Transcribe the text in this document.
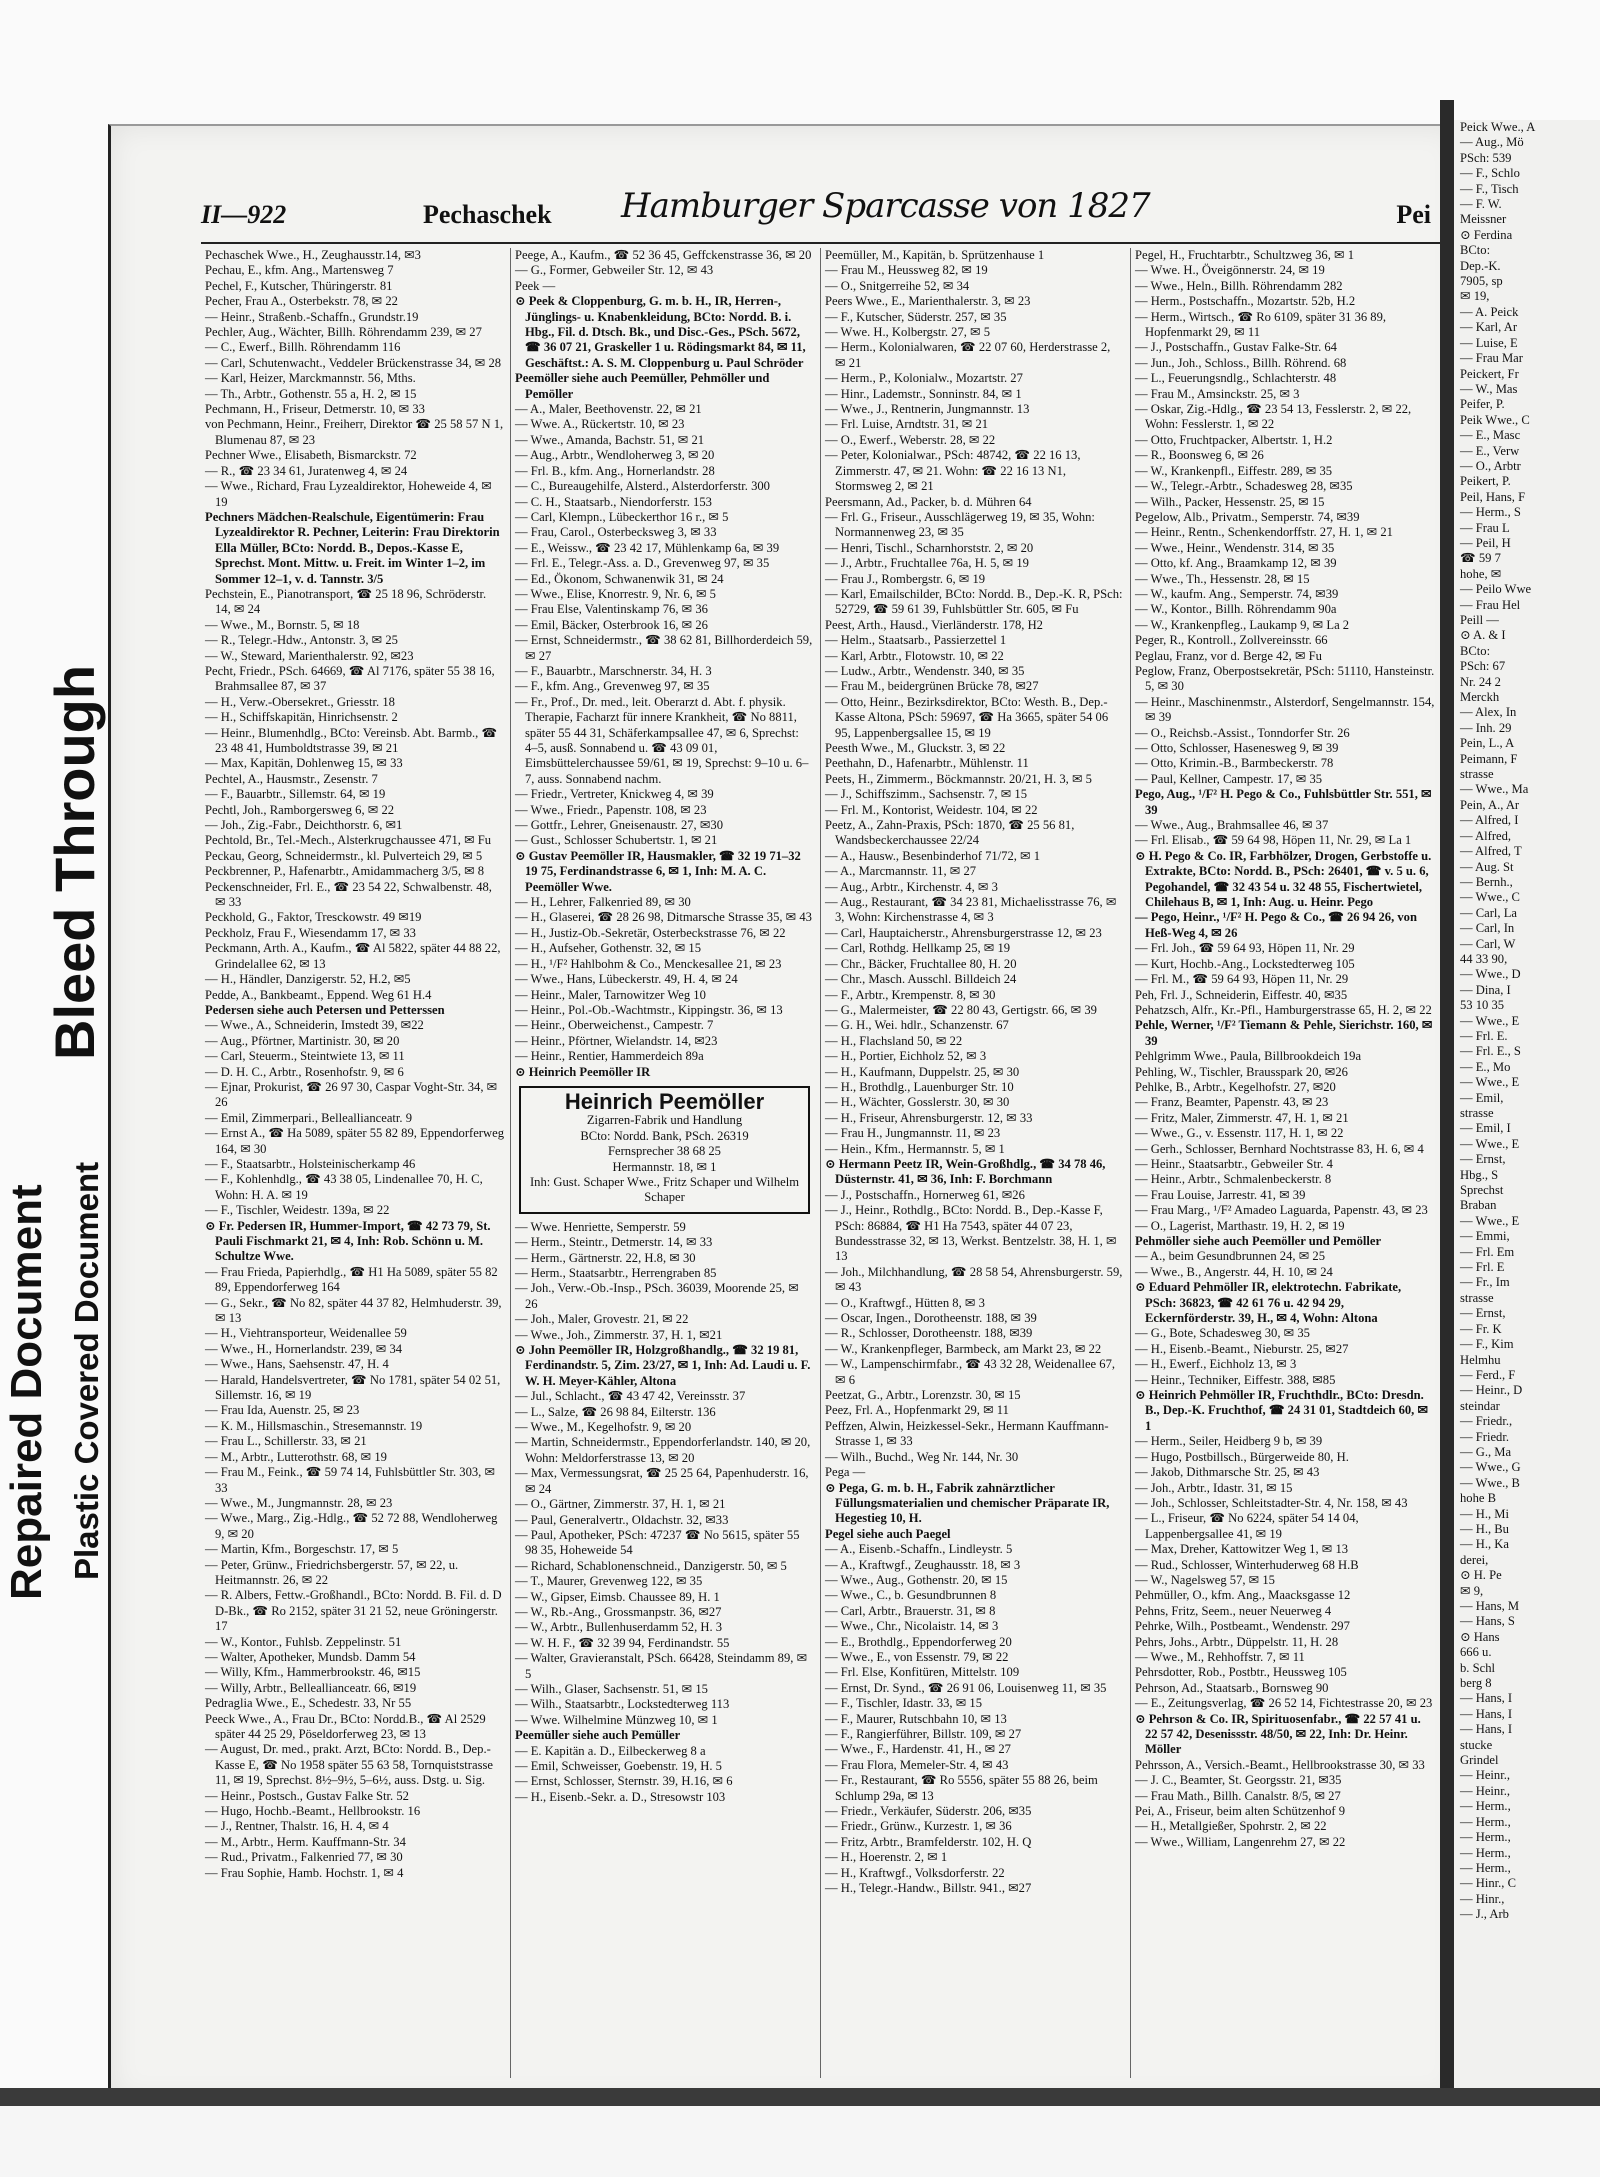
Bleed Through
Plastic Covered Document
Repaired Document
II—922	Pechaschek Hamburger Sparcasse von 1827	Pei
Pechaschek Wwe., H., Zeughausstr.14, ✉3
Pechau, E., kfm. Ang., Martensweg 7
Pechel, F., Kutscher, Thüringerstr. 81
Pecher, Frau A., Osterbekstr. 78, ✉ 22
— Heinr., Straßenb.-Schaffn., Grundstr.19
Pechler, Aug., Wächter, Billh. Röhrendamm 239, ✉ 27
— C., Ewerf., Billh. Röhrendamm 116
— Carl, Schutenwacht., Veddeler Brückenstrasse 34, ✉ 28
— Karl, Heizer, Marckmannstr. 56, Mths.
— Th., Arbtr., Gothenstr. 55 a, H. 2, ✉ 15
Pechmann, H., Friseur, Detmerstr. 10, ✉ 33
von Pechmann, Heinr., Freiherr, Direktor ☎ 25 58 57 N 1, Blumenau 87, ✉ 23
Pechner Wwe., Elisabeth, Bismarckstr. 72
— R., ☎ 23 34 61, Juratenweg 4, ✉ 24
— Wwe., Richard, Frau Lyzealdirektor, Hoheweide 4, ✉ 19
Pechners Mädchen-Realschule, Eigentümerin: Frau Lyzealdirektor R. Pechner, Leiterin: Frau Direktorin Ella Müller, BCto: Nordd. B., Depos.-Kasse E, Sprechst. Mont. Mittw. u. Freit. im Winter 1–2, im Sommer 12–1, v. d. Tannstr. 3/5
Pechstein, E., Pianotransport, ☎ 25 18 96, Schröderstr. 14, ✉ 24
— Wwe., M., Bornstr. 5, ✉ 18
— R., Telegr.-Hdw., Antonstr. 3, ✉ 25
— W., Steward, Marienthalerstr. 92, ✉23
Pecht, Friedr., PSch. 64669, ☎ Al 7176, später 55 38 16, Brahmsallee 87, ✉ 37
— H., Verw.-Obersekret., Griesstr. 18
— H., Schiffskapitän, Hinrichsenstr. 2
— Heinr., Blumenhdlg., BCto: Vereinsb. Abt. Barmb., ☎ 23 48 41, Humboldtstrasse 39, ✉ 21
— Max, Kapitän, Dohlenweg 15, ✉ 33
Pechtel, A., Hausmstr., Zesenstr. 7
— F., Bauarbtr., Sillemstr. 64, ✉ 19
Pechtl, Joh., Ramborgersweg 6, ✉ 22
— Joh., Zig.-Fabr., Deichthorstr. 6, ✉1
Pechtold, Br., Tel.-Mech., Alsterkrugchaussee 471, ✉ Fu
Peckau, Georg, Schneidermstr., kl. Pulverteich 29, ✉ 5
Peckbrenner, P., Hafenarbtr., Amidammacherg 3/5, ✉ 8
Peckenschneider, Frl. E., ☎ 23 54 22, Schwalbenstr. 48, ✉ 33
Peckhold, G., Faktor, Tresckowstr. 49 ✉19
Peckholz, Frau F., Wiesendamm 17, ✉ 33
Peckmann, Arth. A., Kaufm., ☎ Al 5822, später 44 88 22, Grindelallee 62, ✉ 13
— H., Händler, Danzigerstr. 52, H.2, ✉5
Pedde, A., Bankbeamt., Eppend. Weg 61 H.4
Pedersen siehe auch Petersen und Petterssen
— Wwe., A., Schneiderin, Imstedt 39, ✉22
— Aug., Pförtner, Martinistr. 30, ✉ 20
— Carl, Steuerm., Steintwiete 13, ✉ 11
— D. H. C., Arbtr., Rosenhofstr. 9, ✉ 6
— Ejnar, Prokurist, ☎ 26 97 30, Caspar Voght-Str. 34, ✉ 26
— Emil, Zimmerpari., Belleallianceatr. 9
— Ernst A., ☎ Ha 5089, später 55 82 89, Eppendorferweg 164, ✉ 30
— F., Staatsarbtr., Holsteinischerkamp 46
— F., Kohlenhdlg., ☎ 43 38 05, Lindenallee 70, H. C, Wohn: H. A. ✉ 19
— F., Tischler, Weidestr. 139a, ✉ 22
⊙ Fr. Pedersen IR, Hummer-Import, ☎ 42 73 79, St. Pauli Fischmarkt 21, ✉ 4, Inh: Rob. Schönn u. M. Schultze Wwe.
— Frau Frieda, Papierhdlg., ☎ H1 Ha 5089, später 55 82 89, Eppendorferweg 164
— G., Sekr., ☎ No 82, später 44 37 82, Helmhuderstr. 39, ✉ 13
— H., Viehtransporteur, Weidenallee 59
— Wwe., H., Hornerlandstr. 239, ✉ 34
— Wwe., Hans, Saehsenstr. 47, H. 4
— Harald, Handelsvertreter, ☎ No 1781, später 54 02 51, Sillemstr. 16, ✉ 19
— Frau Ida, Auenstr. 25, ✉ 23
— K. M., Hillsmaschin., Stresemannstr. 19
— Frau L., Schillerstr. 33, ✉ 21
— M., Arbtr., Lutterothstr. 68, ✉ 19
— Frau M., Feink., ☎ 59 74 14, Fuhlsbüttler Str. 303, ✉ 33
— Wwe., M., Jungmannstr. 28, ✉ 23
— Wwe., Marg., Zig.-Hdlg., ☎ 52 72 88, Wendloherweg 9, ✉ 20
— Martin, Kfm., Borgeschstr. 17, ✉ 5
— Peter, Grünw., Friedrichsbergerstr. 57, ✉ 22, u. Heitmannstr. 26, ✉ 22
— R. Albers, Fettw.-Großhandl., BCto: Nordd. B. Fil. d. D D-Bk., ☎ Ro 2152, später 31 21 52, neue Gröningerstr. 17
— W., Kontor., Fuhlsb. Zeppelinstr. 51
— Walter, Apotheker, Mundsb. Damm 54
— Willy, Kfm., Hammerbrookstr. 46, ✉15
— Willy, Arbtr., Belleallianceatr. 66, ✉19
Pedraglia Wwe., E., Schedestr. 33, Nr 55
Peeck Wwe., A., Frau Dr., BCto: Nordd.B., ☎ Al 2529 später 44 25 29, Pöseldorferweg 23, ✉ 13
— August, Dr. med., prakt. Arzt, BCto: Nordd. B., Dep.-Kasse E, ☎ No 1958 später 55 63 58, Tornquiststrasse 11, ✉ 19, Sprechst. 8½–9½, 5–6½, auss. Dstg. u. Sig.
— Heinr., Postsch., Gustav Falke Str. 52
— Hugo, Hochb.-Beamt., Hellbrookstr. 16
— J., Rentner, Thalstr. 16, H. 4, ✉ 4
— M., Arbtr., Herm. Kauffmann-Str. 34
— Rud., Privatm., Falkenried 77, ✉ 30
— Frau Sophie, Hamb. Hochstr. 1, ✉ 4
Peege, A., Kaufm., ☎ 52 36 45, Geffckenstrasse 36, ✉ 20
— G., Former, Gebweiler Str. 12, ✉ 43
Peek —
⊙ Peek & Cloppenburg, G. m. b. H., IR, Herren-, Jünglings- u. Knabenkleidung, BCto: Nordd. B. i. Hbg., Fil. d. Dtsch. Bk., und Disc.-Ges., PSch. 5672, ☎ 36 07 21, Graskeller 1 u. Rödingsmarkt 84, ✉ 11, Geschäftst.: A. S. M. Cloppenburg u. Paul Schröder
Peemöller siehe auch Peemüller, Pehmöller und Pemöller
— A., Maler, Beethovenstr. 22, ✉ 21
— Wwe. A., Rückertstr. 10, ✉ 23
— Wwe., Amanda, Bachstr. 51, ✉ 21
— Aug., Arbtr., Wendloherweg 3, ✉ 20
— Frl. B., kfm. Ang., Hornerlandstr. 28
— C., Bureaugehilfe, Alsterd., Alsterdorferstr. 300
— C. H., Staatsarb., Niendorferstr. 153
— Carl, Klempn., Lübeckerthor 16 r., ✉ 5
— Frau, Carol., Osterbecksweg 3, ✉ 33
— E., Weissw., ☎ 23 42 17, Mühlenkamp 6a, ✉ 39
— Frl. E., Telegr.-Ass. a. D., Grevenweg 97, ✉ 35
— Ed., Ökonom, Schwanenwik 31, ✉ 24
— Wwe., Elise, Knorrestr. 9, Nr. 6, ✉ 5
— Frau Else, Valentinskamp 76, ✉ 36
— Emil, Bäcker, Osterbrook 16, ✉ 26
— Ernst, Schneidermstr., ☎ 38 62 81, Billhorderdeich 59, ✉ 27
— F., Bauarbtr., Marschnerstr. 34, H. 3
— F., kfm. Ang., Grevenweg 97, ✉ 35
— Fr., Prof., Dr. med., leit. Oberarzt d. Abt. f. physik. Therapie, Facharzt für innere Krankheit, ☎ No 8811, später 55 44 31, Schäferkampsallee 47, ✉ 6, Sprechst: 4–5, ausß. Sonnabend u. ☎ 43 09 01, Eimsbüttelerchaussee 59/61, ✉ 19, Sprechst: 9–10 u. 6–7, auss. Sonnabend nachm.
— Friedr., Vertreter, Knickweg 4, ✉ 39
— Wwe., Friedr., Papenstr. 108, ✉ 23
— Gottfr., Lehrer, Gneisenaustr. 27, ✉30
— Gust., Schlosser Schubertstr. 1, ✉ 21
⊙ Gustav Peemöller IR, Hausmakler, ☎ 32 19 71–32 19 75, Ferdinandstrasse 6, ✉ 1, Inh: M. A. C. Peemöller Wwe.
— H., Lehrer, Falkenried 89, ✉ 30
— H., Glaserei, ☎ 28 26 98, Ditmarsche Strasse 35, ✉ 43
— H., Justiz-Ob.-Sekretär, Osterbeckstrasse 76, ✉ 22
— H., Aufseher, Gothenstr. 32, ✉ 15
— H., ¹/F² Hahlbohm & Co., Menckesallee 21, ✉ 23
— Wwe., Hans, Lübeckerstr. 49, H. 4, ✉ 24
— Heinr., Maler, Tarnowitzer Weg 10
— Heinr., Pol.-Ob.-Wachtmstr., Kippingstr. 36, ✉ 13
— Heinr., Oberweichenst., Campestr. 7
— Heinr., Pförtner, Wielandstr. 14, ✉23
— Heinr., Rentier, Hammerdeich 89a
⊙ Heinrich Peemöller IR
Heinrich Peemöller
Zigarren-Fabrik und Handlung
BCto: Nordd. Bank, PSch. 26319
Fernsprecher 38 68 25
Hermannstr. 18, ✉ 1
Inh: Gust. Schaper Wwe., Fritz Schaper und Wilhelm Schaper
— Wwe. Henriette, Semperstr. 59
— Herm., Steintr., Detmerstr. 14, ✉ 33
— Herm., Gärtnerstr. 22, H.8, ✉ 30
— Herm., Staatsarbtr., Herrengraben 85
— Joh., Verw.-Ob.-Insp., PSch. 36039, Moorende 25, ✉ 26
— Joh., Maler, Grovestr. 21, ✉ 22
— Wwe., Joh., Zimmerstr. 37, H. 1, ✉21
⊙ John Peemöller IR, Holzgroßhandlg., ☎ 32 19 81, Ferdinandstr. 5, Zim. 23/27, ✉ 1, Inh: Ad. Laudi u. F. W. H. Meyer-Kähler, Altona
— Jul., Schlacht., ☎ 43 47 42, Vereinsstr. 37
— L., Salze, ☎ 26 98 84, Eilterstr. 136
— Wwe., M., Kegelhofstr. 9, ✉ 20
— Martin, Schneidermstr., Eppendorferlandstr. 140, ✉ 20, Wohn: Meldorferstrasse 13, ✉ 20
— Max, Vermessungsrat, ☎ 25 25 64, Papenhuderstr. 16, ✉ 24
— O., Gärtner, Zimmerstr. 37, H. 1, ✉ 21
— Paul, Generalvertr., Oldachstr. 32, ✉33
— Paul, Apotheker, PSch: 47237 ☎ No 5615, später 55 98 35, Hoheweide 54
— Richard, Schablonenschneid., Danzigerstr. 50, ✉ 5
— T., Maurer, Grevenweg 122, ✉ 35
— W., Gipser, Eimsb. Chaussee 89, H. 1
— W., Rb.-Ang., Grossmanpstr. 36, ✉27
— W., Arbtr., Bullenhuserdamm 52, H. 3
— W. H. F., ☎ 32 39 94, Ferdinandstr. 55
— Walter, Gravieranstalt, PSch. 66428, Steindamm 89, ✉ 5
— Wilh., Glaser, Sachsenstr. 51, ✉ 15
— Wilh., Staatsarbtr., Lockstedterweg 113
— Wwe. Wilhelmine Münzweg 10, ✉ 1
Peemüller siehe auch Pemüller
— E. Kapitän a. D., Eilbeckerweg 8 a
— Emil, Schweisser, Goebenstr. 19, H. 5
— Ernst, Schlosser, Sternstr. 39, H.16, ✉ 6
— H., Eisenb.-Sekr. a. D., Stresowstr 103
Peemüller, M., Kapitän, b. Sprützenhause 1
— Frau M., Heussweg 82, ✉ 19
— O., Snitgerreihe 52, ✉ 34
Peers Wwe., E., Marienthalerstr. 3, ✉ 23
— F., Kutscher, Süderstr. 257, ✉ 35
— Wwe. H., Kolbergstr. 27, ✉ 5
— Herm., Kolonialwaren, ☎ 22 07 60, Herderstrasse 2, ✉ 21
— Herm., P., Kolonialw., Mozartstr. 27
— Hinr., Lademstr., Sonninstr. 84, ✉ 1
— Wwe., J., Rentnerin, Jungmannstr. 13
— Frl. Luise, Arndtstr. 31, ✉ 21
— O., Ewerf., Weberstr. 28, ✉ 22
— Peter, Kolonialwar., PSch: 48742, ☎ 22 16 13, Zimmerstr. 47, ✉ 21. Wohn: ☎ 22 16 13 N1, Stormsweg 2, ✉ 21
Peersmann, Ad., Packer, b. d. Mühren 64
— Frl. G., Friseur., Ausschlägerweg 19, ✉ 35, Wohn: Normannenweg 23, ✉ 35
— Henri, Tischl., Scharnhorststr. 2, ✉ 20
— J., Arbtr., Fruchtallee 76a, H. 5, ✉ 19
— Frau J., Rombergstr. 6, ✉ 19
— Karl, Emailschilder, BCto: Nordd. B., Dep.-K. R, PSch: 52729, ☎ 59 61 39, Fuhlsbüttler Str. 605, ✉ Fu
Peest, Arth., Hausd., Vierländerstr. 178, H2
— Helm., Staatsarb., Passierzettel 1
— Karl, Arbtr., Flotowstr. 10, ✉ 22
— Ludw., Arbtr., Wendenstr. 340, ✉ 35
— Frau M., beidergrünen Brücke 78, ✉27
— Otto, Heinr., Bezirksdirektor, BCto: Westh. B., Dep.-Kasse Altona, PSch: 59697, ☎ Ha 3665, später 54 06 95, Lappenbergsallee 15, ✉ 19
Peesth Wwe., M., Gluckstr. 3, ✉ 22
Peethahn, D., Hafenarbtr., Mühlenstr. 11
Peets, H., Zimmerm., Böckmannstr. 20/21, H. 3, ✉ 5
— J., Schiffszimm., Sachsenstr. 7, ✉ 15
— Frl. M., Kontorist, Weidestr. 104, ✉ 22
Peetz, A., Zahn-Praxis, PSch: 1870, ☎ 25 56 81, Wandsbeckerchaussee 22/24
— A., Hausw., Besenbinderhof 71/72, ✉ 1
— A., Marcmannstr. 11, ✉ 27
— Aug., Arbtr., Kirchenstr. 4, ✉ 3
— Aug., Restaurant, ☎ 34 23 81, Michaelisstrasse 76, ✉ 3, Wohn: Kirchenstrasse 4, ✉ 3
— Carl, Hauptaicherstr., Ahrensburgerstrasse 12, ✉ 23
— Carl, Rothdg. Hellkamp 25, ✉ 19
— Chr., Bäcker, Fruchtallee 80, H. 20
— Chr., Masch. Ausschl. Billdeich 24
— F., Arbtr., Krempenstr. 8, ✉ 30
— G., Malermeister, ☎ 22 80 43, Gertigstr. 66, ✉ 39
— G. H., Wei. hdlr., Schanzenstr. 67
— H., Flachsland 50, ✉ 22
— H., Portier, Eichholz 52, ✉ 3
— H., Kaufmann, Duppelstr. 25, ✉ 30
— H., Brothdlg., Lauenburger Str. 10
— H., Wächter, Gosslerstr. 30, ✉ 30
— H., Friseur, Ahrensburgerstr. 12, ✉ 33
— Frau H., Jungmannstr. 11, ✉ 23
— Hein., Kfm., Hermannstr. 5, ✉ 1
⊙ Hermann Peetz IR, Wein-Großhdlg., ☎ 34 78 46, Düsternstr. 41, ✉ 36, Inh: F. Borchmann
— J., Postschaffn., Hornerweg 61, ✉26
— J., Heinr., Rothdlg., BCto: Nordd. B., Dep.-Kasse F, PSch: 86884, ☎ H1 Ha 7543, später 44 07 23, Bundesstrasse 32, ✉ 13, Werkst. Bentzelstr. 38, H. 1, ✉ 13
— Joh., Milchhandlung, ☎ 28 58 54, Ahrensburgerstr. 59, ✉ 43
— O., Kraftwgf., Hütten 8, ✉ 3
— Oscar, Ingen., Dorotheenstr. 188, ✉ 39
— R., Schlosser, Dorotheenstr. 188, ✉39
— W., Krankenpfleger, Barmbeck, am Markt 23, ✉ 22
— W., Lampenschirmfabr., ☎ 43 32 28, Weidenallee 67, ✉ 6
Peetzat, G., Arbtr., Lorenzstr. 30, ✉ 15
Peez, Frl. A., Hopfenmarkt 29, ✉ 11
Peffzen, Alwin, Heizkessel-Sekr., Hermann Kauffmann-Strasse 1, ✉ 33
— Wilh., Buchd., Weg Nr. 144, Nr. 30
Pega —
⊙ Pega, G. m. b. H., Fabrik zahnärztlicher Füllungsmaterialien und chemischer Präparate IR, Hegestieg 10, H.
Pegel siehe auch Paegel
— A., Eisenb.-Schaffn., Lindleystr. 5
— A., Kraftwgf., Zeughausstr. 18, ✉ 3
— Wwe., Aug., Gothenstr. 20, ✉ 15
— Wwe., C., b. Gesundbrunnen 8
— Carl, Arbtr., Brauerstr. 31, ✉ 8
— Wwe., Chr., Nicolaistr. 14, ✉ 3
— E., Brothdlg., Eppendorferweg 20
— Wwe., E., von Essenstr. 79, ✉ 22
— Frl. Else, Konfitüren, Mittelstr. 109
— Ernst, Dr. Synd., ☎ 26 91 06, Louisenweg 11, ✉ 35
— F., Tischler, Idastr. 33, ✉ 15
— F., Maurer, Rutschbahn 10, ✉ 13
— F., Rangierführer, Billstr. 109, ✉ 27
— Wwe., F., Hardenstr. 41, H., ✉ 27
— Frau Flora, Memeler-Str. 4, ✉ 43
— Fr., Restaurant, ☎ Ro 5556, später 55 88 26, beim Schlump 29a, ✉ 13
— Friedr., Verkäufer, Süderstr. 206, ✉35
— Friedr., Grünw., Kurzestr. 1, ✉ 36
— Fritz, Arbtr., Bramfelderstr. 102, H. Q
— H., Hoerenstr. 2, ✉ 1
— H., Kraftwgf., Volksdorferstr. 22
— H., Telegr.-Handw., Billstr. 941., ✉27
Pegel, H., Fruchtarbtr., Schultzweg 36, ✉ 1
— Wwe. H., Öveigönnerstr. 24, ✉ 19
— Wwe., Heln., Billh. Röhrendamm 282
— Herm., Postschaffn., Mozartstr. 52b, H.2
— Herm., Wirtsch., ☎ Ro 6109, später 31 36 89, Hopfenmarkt 29, ✉ 11
— J., Postschaffn., Gustav Falke-Str. 64
— Jun., Joh., Schloss., Billh. Röhrend. 68
— L., Feuerungsndlg., Schlachterstr. 48
— Frau M., Amsinckstr. 25, ✉ 3
— Oskar, Zig.-Hdlg., ☎ 23 54 13, Fesslerstr. 2, ✉ 22, Wohn: Fesslerstr. 1, ✉ 22
— Otto, Fruchtpacker, Albertstr. 1, H.2
— R., Boonsweg 6, ✉ 26
— W., Krankenpfl., Eiffestr. 289, ✉ 35
— W., Telegr.-Arbtr., Schadesweg 28, ✉35
— Wilh., Packer, Hessenstr. 25, ✉ 15
Pegelow, Alb., Privatm., Semperstr. 74, ✉39
— Heinr., Rentn., Schenkendorffstr. 27, H. 1, ✉ 21
— Wwe., Heinr., Wendenstr. 314, ✉ 35
— Otto, kf. Ang., Braamkamp 12, ✉ 39
— Wwe., Th., Hessenstr. 28, ✉ 15
— W., kaufm. Ang., Semperstr. 74, ✉39
— W., Kontor., Billh. Röhrendamm 90a
— W., Krankenpfleg., Laukamp 9, ✉ La 2
Peger, R., Kontroll., Zollvereinsstr. 66
Peglau, Franz, vor d. Berge 42, ✉ Fu
Peglow, Franz, Oberpostsekretär, PSch: 51110, Hansteinstr. 5, ✉ 30
— Heinr., Maschinenmstr., Alsterdorf, Sengelmannstr. 154, ✉ 39
— O., Reichsb.-Assist., Tonndorfer Str. 26
— Otto, Schlosser, Hasenesweg 9, ✉ 39
— Otto, Krimin.-B., Barmbeckerstr. 78
— Paul, Kellner, Campestr. 17, ✉ 35
Pego, Aug., ¹/F² H. Pego & Co., Fuhlsbüttler Str. 551, ✉ 39
— Wwe., Aug., Brahmsallee 46, ✉ 37
— Frl. Elisab., ☎ 59 64 98, Höpen 11, Nr. 29, ✉ La 1
⊙ H. Pego & Co. IR, Farbhölzer, Drogen, Gerbstoffe u. Extrakte, BCto: Nordd. B., PSch: 26401, ☎ v. 5 u. 6, Pegohandel, ☎ 32 43 54 u. 32 48 55, Fischertwietel, Chilehaus B, ✉ 1, Inh: Aug. u. Heinr. Pego
— Pego, Heinr., ¹/F² H. Pego & Co., ☎ 26 94 26, von Heß-Weg 4, ✉ 26
— Frl. Joh., ☎ 59 64 93, Höpen 11, Nr. 29
— Kurt, Hochb.-Ang., Lockstedterweg 105
— Frl. M., ☎ 59 64 93, Höpen 11, Nr. 29
Peh, Frl. J., Schneiderin, Eiffestr. 40, ✉35
Pehatzsch, Alfr., Kr.-Pfl., Hamburgerstrasse 65, H. 2, ✉ 22
Pehle, Werner, ¹/F² Tiemann & Pehle, Sierichstr. 160, ✉ 39
Pehlgrimm Wwe., Paula, Billbrookdeich 19a
Pehling, W., Tischler, Brausspark 20, ✉26
Pehlke, B., Arbtr., Kegelhofstr. 27, ✉20
— Franz, Beamter, Papenstr. 43, ✉ 23
— Fritz, Maler, Zimmerstr. 47, H. 1, ✉ 21
— Wwe., G., v. Essenstr. 117, H. 1, ✉ 22
— Gerh., Schlosser, Bernhard Nochtstrasse 83, H. 6, ✉ 4
— Heinr., Staatsarbtr., Gebweiler Str. 4
— Heinr., Arbtr., Schmalenbeckerstr. 8
— Frau Louise, Jarrestr. 41, ✉ 39
— Frau Marg., ¹/F² Amadeo Laguarda, Papenstr. 43, ✉ 23
— O., Lagerist, Marthastr. 19, H. 2, ✉ 19
Pehmöller siehe auch Peemöller und Pemöller
— A., beim Gesundbrunnen 24, ✉ 25
— Wwe., B., Angerstr. 44, H. 10, ✉ 24
⊙ Eduard Pehmöller IR, elektrotechn. Fabrikate, PSch: 36823, ☎ 42 61 76 u. 42 94 29, Eckernförderstr. 39, H., ✉ 4, Wohn: Altona
— G., Bote, Schadesweg 30, ✉ 35
— H., Eisenb.-Beamt., Nieburstr. 25, ✉27
— H., Ewerf., Eichholz 13, ✉ 3
— Heinr., Techniker, Eiffestr. 388, ✉85
⊙ Heinrich Pehmöller IR, Fruchthdlr., BCto: Dresdn. B., Dep.-K. Fruchthof, ☎ 24 31 01, Stadtdeich 60, ✉ 1
— Herm., Seiler, Heidberg 9 b, ✉ 39
— Hugo, Postbillsch., Bürgerweide 80, H.
— Jakob, Dithmarsche Str. 25, ✉ 43
— Joh., Arbtr., Idastr. 31, ✉ 15
— Joh., Schlosser, Schleitstadter-Str. 4, Nr. 158, ✉ 43
— L., Friseur, ☎ No 6224, später 54 14 04, Lappenbergsallee 41, ✉ 19
— Max, Dreher, Kattowitzer Weg 1, ✉ 13
— Rud., Schlosser, Winterhuderweg 68 H.B
— W., Nagelsweg 57, ✉ 15
Pehmüller, O., kfm. Ang., Maacksgasse 12
Pehns, Fritz, Seem., neuer Neuerweg 4
Pehrke, Wilh., Postbeamt., Wendenstr. 297
Pehrs, Johs., Arbtr., Düppelstr. 11, H. 28
— Wwe., M., Rehhoffstr. 7, ✉ 11
Pehrsdotter, Rob., Postbtr., Heussweg 105
Pehrson, Ad., Staatsarb., Bornsweg 90
— E., Zeitungsverlag, ☎ 26 52 14, Fichtestrasse 20, ✉ 23
⊙ Pehrson & Co. IR, Spirituosenfabr., ☎ 22 57 41 u. 22 57 42, Desenissstr. 48/50, ✉ 22, Inh: Dr. Heinr. Möller
Pehrsson, A., Versich.-Beamt., Hellbrookstrasse 30, ✉ 33
— J. C., Beamter, St. Georgsstr. 21, ✉35
— Frau Math., Billh. Canalstr. 8/5, ✉ 27
Pei, A., Friseur, beim alten Schützenhof 9
— H., Metallgießer, Spohrstr. 2, ✉ 22
— Wwe., William, Langenrehm 27, ✉ 22
Peick Wwe., A
— Aug., Mö
PSch: 539
— F., Schlo
— F., Tisch
— F. W.
Meissner
⊙ Ferdina
BCto:
Dep.-K.
7905, sp
✉ 19,
— A. Peick
— Karl, Ar
— Luise, E
— Frau Mar
Peickert, Fr
— W., Mas
Peifer, P.
Peik Wwe., C
— E., Masc
— E., Verw
— O., Arbtr
Peikert, P.
Peil, Hans, F
— Herm., S
— Frau L
— Peil, H
☎ 59 7
hohe, ✉
— Peilo Wwe
— Frau Hel
Peill —
⊙ A. & I
BCto:
PSch: 67
Nr. 24 2
Merckh
— Alex, In
— Inh. 29
Pein, L., A
Peimann, F
strasse
— Wwe., Ma
Pein, A., Ar
— Alfred, I
— Alfred,
— Alfred, T
— Aug. St
— Bernh.,
— Wwe., C
— Carl, La
— Carl, In
— Carl, W
44 33 90,
— Wwe., D
— Dina, I
53 10 35
— Wwe., E
— Frl. E.
— Frl. E., S
— E., Mo
— Wwe., E
— Emil,
strasse
— Emil, I
— Wwe., E
— Ernst,
Hbg., S
Sprechst
Braban
— Wwe., E
— Emmi,
— Frl. Em
— Frl. E
— Fr., Im
strasse
— Ernst,
— Fr. K
— F., Kim
Helmhu
— Ferd., F
— Heinr., D
steindar
— Friedr.,
— Friedr.
— G., Ma
— Wwe., G
— Wwe., B
hohe B
— H., Mi
— H., Bu
— H., Ka
derei,
⊙ H. Pe
✉ 9,
— Hans, M
— Hans, S
⊙ Hans
666 u.
b. Schl
berg 8
— Hans, I
— Hans, I
— Hans, I
stucke
Grindel
— Heinr.,
— Heinr.,
— Herm.,
— Herm.,
— Herm.,
— Herm.,
— Herm.,
— Hinr., C
— Hinr.,
— J., Arb
